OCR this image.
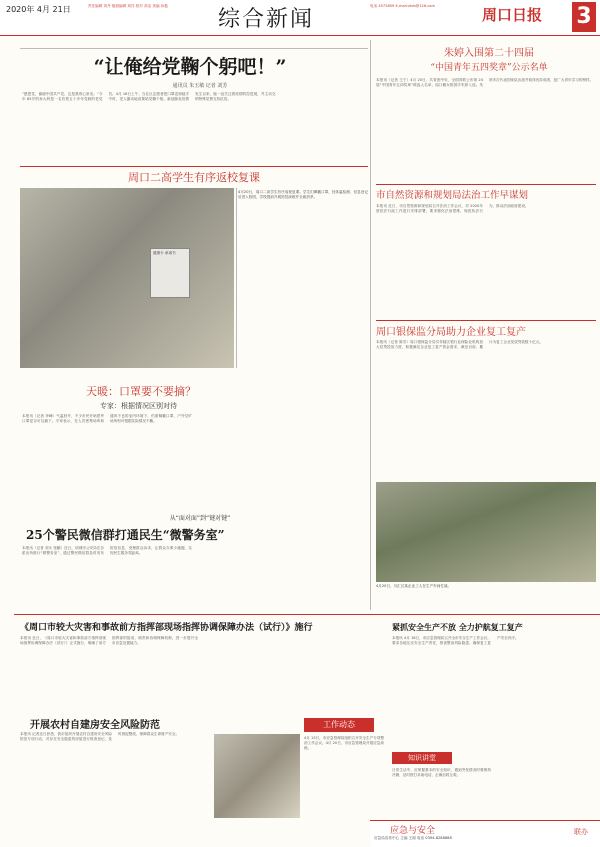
2020年 4月 21日	责任编辑 刘丹 版面编辑 刘洋 校对 高洁 美编 孙磊
综合新闻
电话 4572859 E-mail:zkrb@126.com	周口日报 3
“让俺给党鞠个躬吧！”
通讯员 朱玉敏 记者 刘芳
“感恩党，谢谢中国共产党，这是我的心里话。”今年 85岁的孙大妈是一名有着五十多年党龄的老党员。4月 16日上午，当社区志愿者把口罩送到她手中时，老人激动地说要给党鞠个躬。新冠肺炎疫情发生以来，她一直关注着疫情防控进展，并主动交纳特殊党费支持抗疫。
周口二高学生有序返校复课
健康卡 承诺书
4月20日，周口二高学生有序返校复课。学生们佩戴口罩，经体温检测、信息登记后进入校园，学校提前开展防控演练并全面消杀。
天暖：口罩要不要摘？
专家：根据情况区别对待
本报讯（记者 李峰）气温回升，不少市民开始思考口罩是否可以摘下。专家表示，在人员密集场所和通风不良的室内环境下，仍需佩戴口罩，户外空旷场所则可根据实际情况不戴。
从“面对面”到“键对键”
25个警民微信群打通民生“微警务室”
本报讯（记者 刘永 张鹏）近日，项城市公安局在各派出所推行“微警务室”，通过警民微信群及时发布防疫信息、受理群众诉求，让群众办事少跑腿，实现民生服务零距离。
朱婷入围第二十四届
“中国青年五四奖章”公示名单
本报讯（记者 王宁）4月 20日，共青团中央、全国青联公布第 24届“中国青年五四奖章”候选人名单，周口籍女排国手朱婷入选。朱婷多次代表国家队出战并取得优异成绩，是广大青年学习的榜样。
市自然资源和规划局法治工作早谋划
本报讯 近日，市自然资源和规划局召开法治工作会议，对 2020年度依法行政工作进行安排部署，要求强化法治思维，规范执法行为，推动法治政府建设。
周口银保监分局助力企业复工复产
本报讯（记者 陈芳）周口银保监分局引导辖区银行业保险业机构加大信贷投放力度，积极满足企业复工复产资金需求，截至目前，累计为复工企业发放贷款数十亿元。
4月20日，川汇区某企业工人在生产车间忙碌。
《周口市较大灾害和事故前方指挥部现场指挥协调保障办法（试行）》施行
本报讯 近日，《周口市较大灾害和事故前方指挥部现场指挥协调保障办法（试行）》正式施行，明确了前方指挥部的组成、职责和协调保障机制，进一步提升全市应急处置能力。
紧抓安全生产不放 全力护航复工复产
本报讯 4月 16日，市应急管理局召开全市安全生产工作会议，要求各地压实安全生产责任，排查整治风险隐患，确保复工复产安全有序。
开展农村自建房安全风险防范
本报讯 记者近日获悉，我市组织开展农村自建房安全风险防范专项行动，对存在安全隐患的房屋进行排查登记，及时督促整改，保障群众生命财产安全。
工作动态
4月 15日，市应急管理局组织召开安全生产专项整治工作会议。4月 20日，市应急管理局开展应急演练。
知识讲堂
日常生活中，应掌握基本的安全知识，遇到突发情况时要保持冷静，及时拨打求助电话，正确自救互救。
应急与安全
应急局宣传中心 主编 王丽 电话 0394-8288888
联办
